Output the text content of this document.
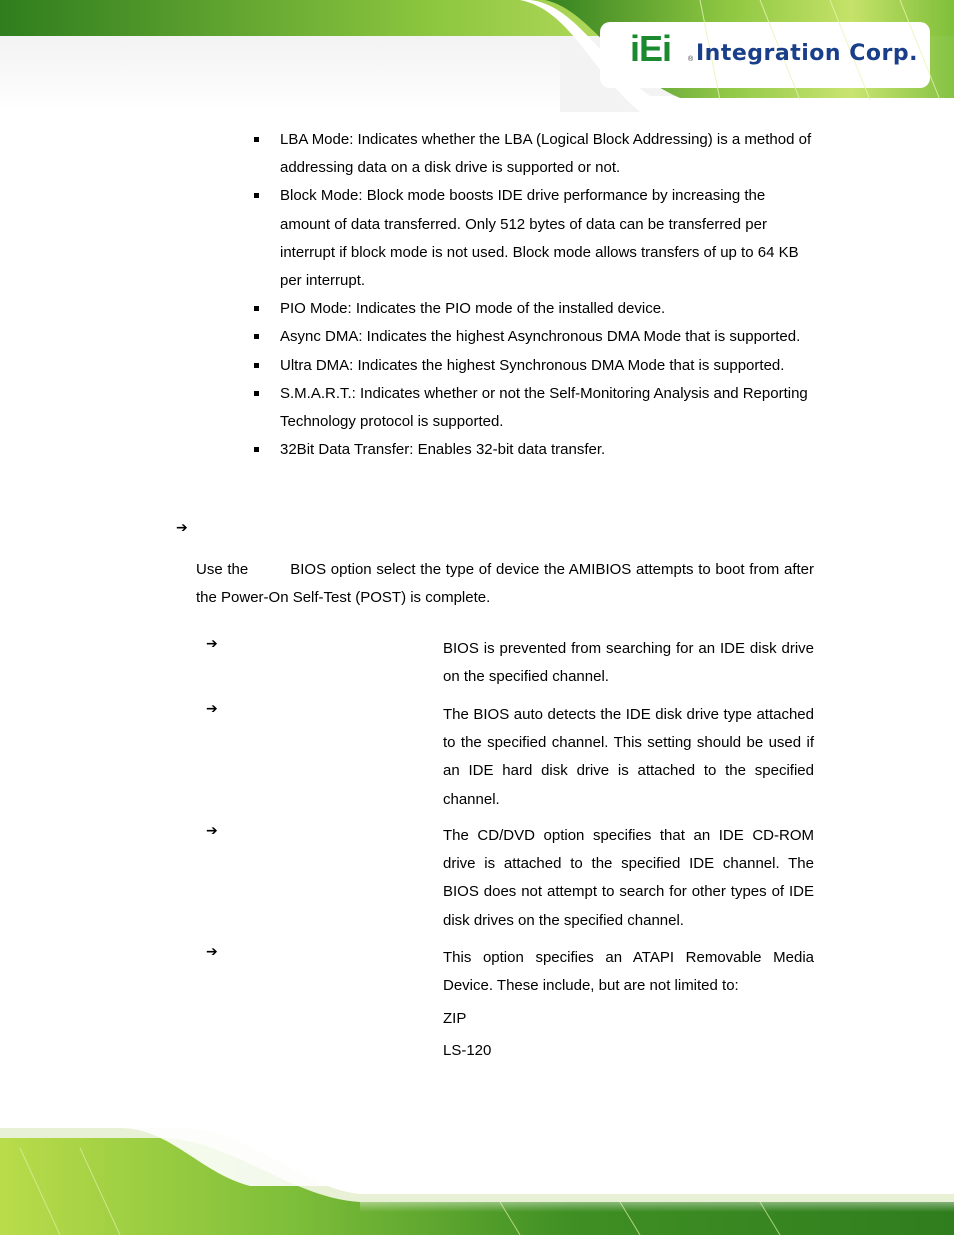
iEi ® Integration Corp.
LBA Mode: Indicates whether the LBA (Logical Block Addressing) is a method of addressing data on a disk drive is supported or not.
Block Mode: Block mode boosts IDE drive performance by increasing the amount of data transferred. Only 512 bytes of data can be transferred per interrupt if block mode is not used. Block mode allows transfers of up to 64 KB per interrupt.
PIO Mode: Indicates the PIO mode of the installed device.
Async DMA: Indicates the highest Asynchronous DMA Mode that is supported.
Ultra DMA: Indicates the highest Synchronous DMA Mode that is supported.
S.M.A.R.T.: Indicates whether or not the Self-Monitoring Analysis and Reporting Technology protocol is supported.
32Bit Data Transfer: Enables 32-bit data transfer.
➔
Use the	BIOS option select the type of device the AMIBIOS attempts to boot from after the Power-On Self-Test (POST) is complete.
➔	BIOS is prevented from searching for an IDE disk drive on the specified channel.
➔	The BIOS auto detects the IDE disk drive type attached to the specified channel. This setting should be used if an IDE hard disk drive is attached to the specified channel.
➔	The CD/DVD option specifies that an IDE CD-ROM drive is attached to the specified IDE channel. The BIOS does not attempt to search for other types of IDE disk drives on the specified channel.
➔	This option specifies an ATAPI Removable Media Device. These include, but are not limited to:
ZIP
LS-120
